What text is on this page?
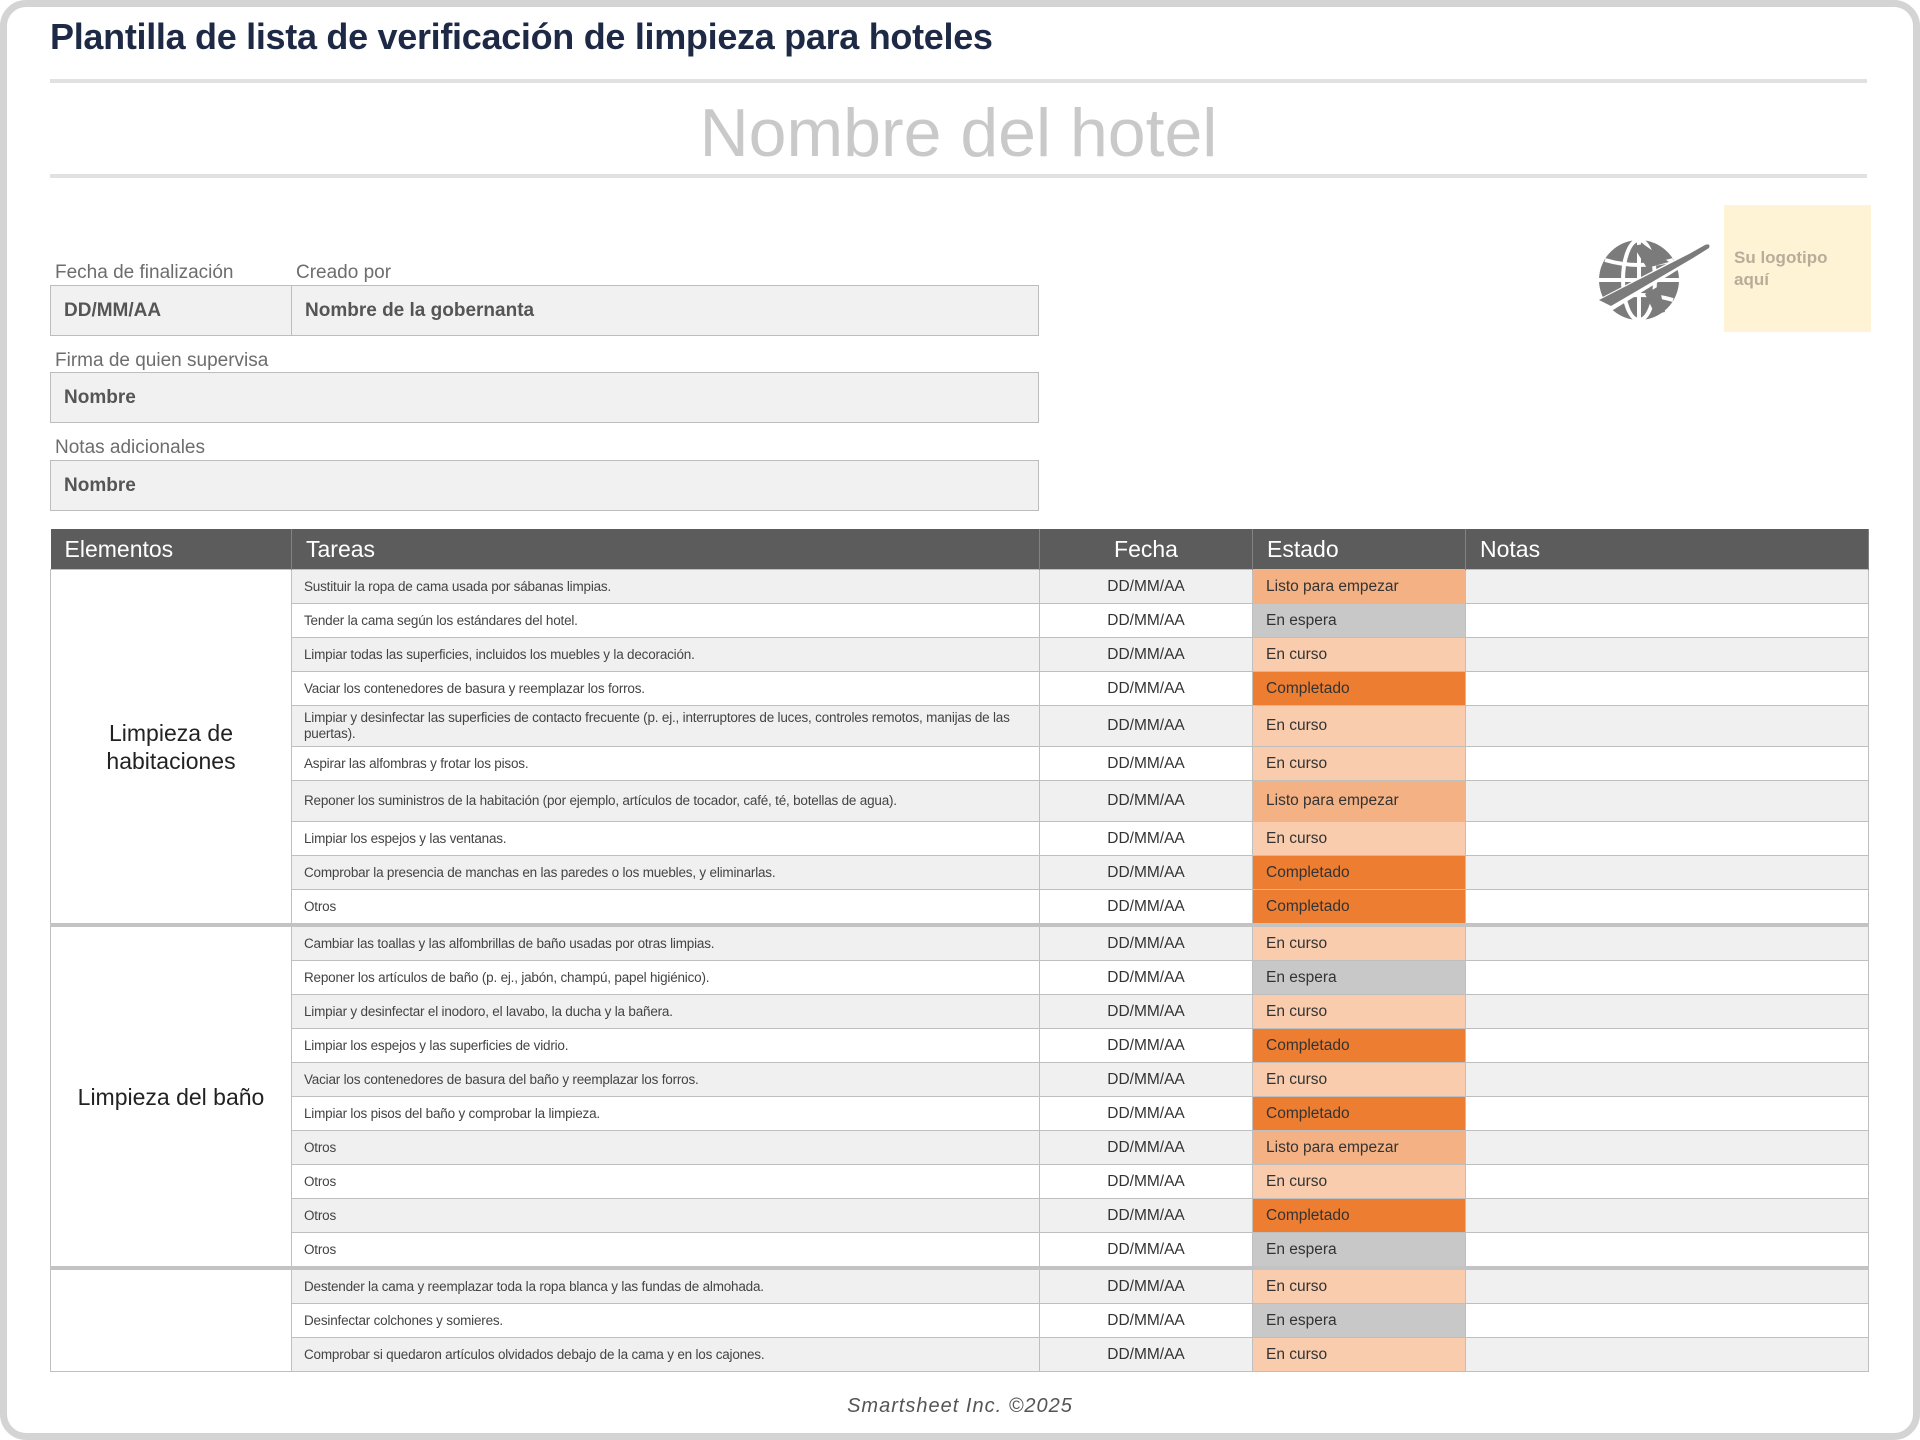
Plantilla de lista de verificación de limpieza para hoteles
Nombre del hotel
Fecha de finalización	Creado por
DD/MM/AA	Nombre de la gobernanta
Firma de quien supervisa
Nombre
Notas adicionales
Nombre
Su logotipo aquí
Elementos	Tareas	Fecha	Estado	Notas
Limpieza de habitaciones	Sustituir la ropa de cama usada por sábanas limpias.	DD/MM/AA	Listo para empezar	
	Tender la cama según los estándares del hotel.	DD/MM/AA	En espera	
	Limpiar todas las superficies, incluidos los muebles y la decoración.	DD/MM/AA	En curso	
	Vaciar los contenedores de basura y reemplazar los forros.	DD/MM/AA	Completado	
	Limpiar y desinfectar las superficies de contacto frecuente (p. ej., interruptores de luces, controles remotos, manijas de las puertas).	DD/MM/AA	En curso	
	Aspirar las alfombras y frotar los pisos.	DD/MM/AA	En curso	
	Reponer los suministros de la habitación (por ejemplo, artículos de tocador, café, té, botellas de agua).	DD/MM/AA	Listo para empezar	
	Limpiar los espejos y las ventanas.	DD/MM/AA	En curso	
	Comprobar la presencia de manchas en las paredes o los muebles, y eliminarlas.	DD/MM/AA	Completado	
	Otros	DD/MM/AA	Completado	
Limpieza del baño	Cambiar las toallas y las alfombrillas de baño usadas por otras limpias.	DD/MM/AA	En curso	
	Reponer los artículos de baño (p. ej., jabón, champú, papel higiénico).	DD/MM/AA	En espera	
	Limpiar y desinfectar el inodoro, el lavabo, la ducha y la bañera.	DD/MM/AA	En curso	
	Limpiar los espejos y las superficies de vidrio.	DD/MM/AA	Completado	
	Vaciar los contenedores de basura del baño y reemplazar los forros.	DD/MM/AA	En curso	
	Limpiar los pisos del baño y comprobar la limpieza.	DD/MM/AA	Completado	
	Otros	DD/MM/AA	Listo para empezar	
	Otros	DD/MM/AA	En curso	
	Otros	DD/MM/AA	Completado	
	Otros	DD/MM/AA	En espera	
	Destender la cama y reemplazar toda la ropa blanca y las fundas de almohada.	DD/MM/AA	En curso	
	Desinfectar colchones y somieres.	DD/MM/AA	En espera	
	Comprobar si quedaron artículos olvidados debajo de la cama y en los cajones.	DD/MM/AA	En curso	
Smartsheet Inc. ©2025
